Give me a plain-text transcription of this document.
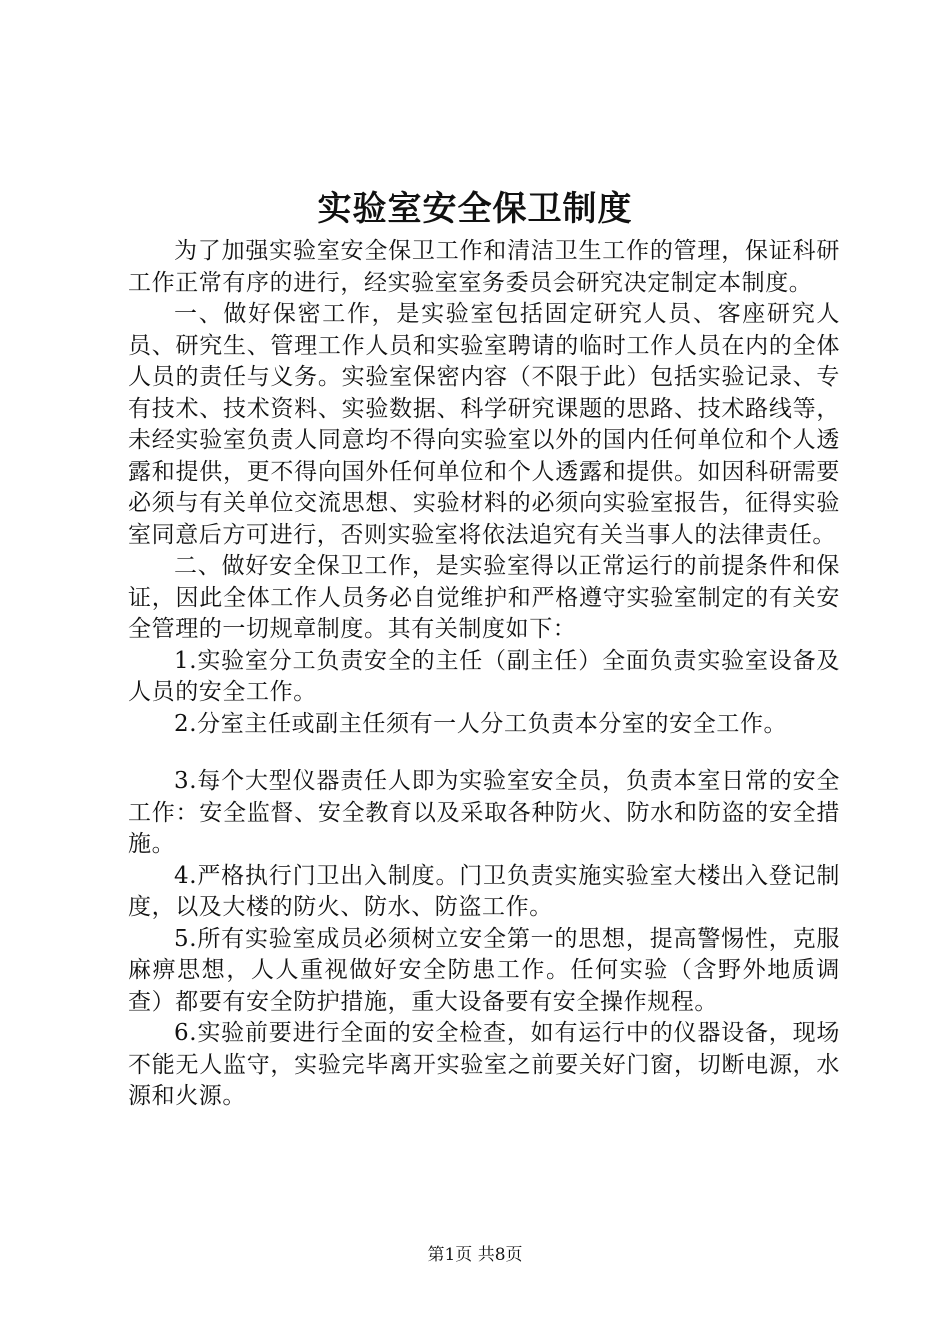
实验室安全保卫制度

为了加强实验室安全保卫工作和清洁卫生工作的管理，保证科研工作正常有序的进行，经实验室室务委员会研究决定制定本制度。

一、做好保密工作，是实验室包括固定研究人员、客座研究人员、研究生、管理工作人员和实验室聘请的临时工作人员在内的全体人员的责任与义务。实验室保密内容（不限于此）包括实验记录、专有技术、技术资料、实验数据、科学研究课题的思路、技术路线等，未经实验室负责人同意均不得向实验室以外的国内任何单位和个人透露和提供，更不得向国外任何单位和个人透露和提供。如因科研需要必须与有关单位交流思想、实验材料的必须向实验室报告，征得实验室同意后方可进行，否则实验室将依法追究有关当事人的法律责任。

二、做好安全保卫工作，是实验室得以正常运行的前提条件和保证，因此全体工作人员务必自觉维护和严格遵守实验室制定的有关安全管理的一切规章制度。其有关制度如下：

1.实验室分工负责安全的主任（副主任）全面负责实验室设备及人员的安全工作。

2.分室主任或副主任须有一人分工负责本分室的安全工作。

3.每个大型仪器责任人即为实验室安全员，负责本室日常的安全工作：安全监督、安全教育以及采取各种防火、防水和防盗的安全措施。

4.严格执行门卫出入制度。门卫负责实施实验室大楼出入登记制度，以及大楼的防火、防水、防盗工作。

5.所有实验室成员必须树立安全第一的思想，提高警惕性，克服麻痹思想，人人重视做好安全防患工作。任何实验（含野外地质调查）都要有安全防护措施，重大设备要有安全操作规程。

6.实验前要进行全面的安全检查，如有运行中的仪器设备，现场不能无人监守，实验完毕离开实验室之前要关好门窗，切断电源，水源和火源。

第1页 共8页
